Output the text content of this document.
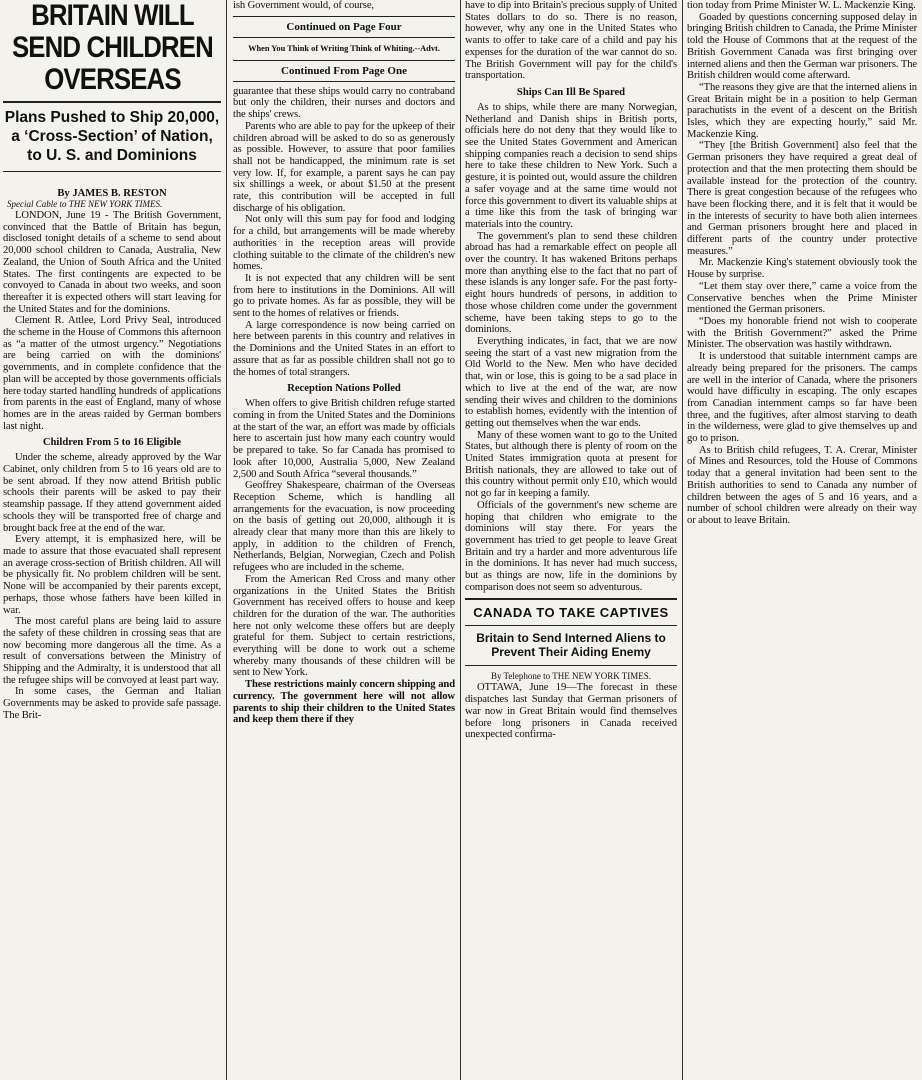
BRITAIN WILL SEND CHILDREN OVERSEAS
Plans Pushed to Ship 20,000, a ‘Cross-Section’ of Nation, to U. S. and Dominions
By JAMES B. RESTON
Special Cable to THE NEW YORK TIMES.

LONDON, June 19 - The British Government, convinced that the Battle of Britain has begun, disclosed tonight details of a scheme to send about 20,000 school children to Canada, Australia, New Zealand, the Union of South Africa and the United States. The first contingents are expected to be convoyed to Canada in about two weeks, and soon thereafter it is expected others will start leaving for the United States and for the dominions.

Clement R. Attlee, Lord Privy Seal, introduced the scheme in the House of Commons this afternoon as “a matter of the utmost urgency.” Negotiations are being carried on with the dominions' governments, and in complete confidence that the plan will be accepted by those governments officials here today started handling hundreds of applications from parents in the east of England, many of whose homes are in the areas raided by German bombers last night.

Children From 5 to 16 Eligible

Under the scheme, already approved by the War Cabinet, only children from 5 to 16 years old are to be sent abroad. If they now attend British public schools their parents will be asked to pay their steamship passage. If they attend government aided schools they will be transported free of charge and brought back free at the end of the war.

Every attempt, it is emphasized here, will be made to assure that those evacuated shall represent an average cross-section of British children. All will be physically fit. No problem children will be sent. None will be accompanied by their parents except, perhaps, those whose fathers have been killed in war.

The most careful plans are being laid to assure the safety of these children in crossing seas that are now becoming more dangerous all the time. As a result of conversations between the Ministry of Shipping and the Admiralty, it is understood that all the refugee ships will be convoyed at least part way.

In some cases, the German and Italian Governments may be asked to provide safe passage. The Brit-

ish Government would, of course,

Continued on Page Four
When You Think of Writing Think of Whiting.--Advt.
Continued From Page One

guarantee that these ships would carry no contraband but only the children, their nurses and doctors and the ships' crews.

Parents who are able to pay for the upkeep of their children abroad will be asked to do so as generously as possible. However, to assure that poor families shall not be handicapped, the minimum rate is set very low. If, for example, a parent says he can pay six shillings a week, or about $1.50 at the present rate, this contribution will be accepted in full discharge of his obligation.

Not only will this sum pay for food and lodging for a child, but arrangements will be made whereby authorities in the reception areas will provide clothing suitable to the climate of the children's new homes.

It is not expected that any children will be sent from here to institutions in the Dominions. All will go to private homes. As far as possible, they will be sent to the homes of relatives or friends.

A large correspondence is now being carried on here between parents in this country and relatives in the Dominions and the United States in an effort to assure that as far as possible children shall not go to the homes of total strangers.

Reception Nations Polled

When offers to give British children refuge started coming in from the United States and the Dominions at the start of the war, an effort was made by officials here to ascertain just how many each country would be prepared to take. So far Canada has promised to look after 10,000, Australia 5,000, New Zealand 2,500 and South Africa “several thousands.”

Geoffrey Shakespeare, chairman of the Overseas Reception Scheme, which is handling all arrangements for the evacuation, is now proceeding on the basis of getting out 20,000, although it is already clear that many more than this are likely to apply, in addition to the children of French, Netherlands, Belgian, Norwegian, Czech and Polish refugees who are included in the scheme.

From the American Red Cross and many other organizations in the United States the British Government has received offers to house and keep children for the duration of the war. The authorities here not only welcome these offers but are deeply grateful for them. Subject to certain restrictions, everything will be done to work out a scheme whereby many thousands of these children will be sent to New York.

These restrictions mainly concern shipping and currency. The government here will not allow parents to ship their children to the United States and keep them there if they

have to dip into Britain's precious supply of United States dollars to do so. There is no reason, however, why any one in the United States who wants to offer to take care of a child and pay his expenses for the duration of the war cannot do so. The British Government will pay for the child's transportation.

Ships Can Ill Be Spared

As to ships, while there are many Norwegian, Netherland and Danish ships in British ports, officials here do not deny that they would like to see the United States Government and American shipping companies reach a decision to send ships here to take these children to New York. Such a gesture, it is pointed out, would assure the children a safer voyage and at the same time would not force this government to divert its valuable ships at a time like this from the task of bringing war materials into the country.

The government's plan to send these children abroad has had a remarkable effect on people all over the country. It has wakened Britons perhaps more than anything else to the fact that no part of these islands is any longer safe. For the past forty-eight hours hundreds of persons, in addition to those whose children come under the government scheme, have been taking steps to go to the dominions.

Everything indicates, in fact, that we are now seeing the start of a vast new migration from the Old World to the New. Men who have decided that, win or lose, this is going to be a sad place in which to live at the end of the war, are now sending their wives and children to the dominions to establish homes, evidently with the intention of getting out themselves when the war ends.

Many of these women want to go to the United States, but although there is plenty of room on the United States immigration quota at present for British nationals, they are allowed to take out of this country without permit only £10, which would not go far in keeping a family.

Officials of the government's new scheme are hoping that children who emigrate to the dominions will stay there. For years the government has tried to get people to leave Great Britain and try a harder and more adventurous life in the dominions. It has never had much success, but as things are now, life in the dominions by comparison does not seem so adventurous.

CANADA TO TAKE CAPTIVES
Britain to Send Interned Aliens to Prevent Their Aiding Enemy
By Telephone to THE NEW YORK TIMES.

OTTAWA, June 19—The forecast in these dispatches last Sunday that German prisoners of war now in Great Britain would find themselves before long prisoners in Canada received unexpected confirma-

tion today from Prime Minister W. L. Mackenzie King.

Goaded by questions concerning supposed delay in bringing British children to Canada, the Prime Minister told the House of Commons that at the request of the British Government Canada was first bringing over interned aliens and then the German war prisoners. The British children would come afterward.

“The reasons they give are that the interned aliens in Great Britain might be in a position to help German parachutists in the event of a descent on the British Isles, which they are expecting hourly,” said Mr. Mackenzie King.

“They [the British Government] also feel that the German prisoners they have required a great deal of protection and that the men protecting them should be available instead for the protection of the country. There is great congestion because of the refugees who have been flocking there, and it is felt that it would be in the interests of security to have both alien internees and German prisoners brought here and placed in different parts of the country under protective measures.”

Mr. Mackenzie King's statement obviously took the House by surprise.

“Let them stay over there,” came a voice from the Conservative benches when the Prime Minister mentioned the German prisoners.

“Does my honorable friend not wish to cooperate with the British Government?” asked the Prime Minister. The observation was hastily withdrawn.

It is understood that suitable internment camps are already being prepared for the prisoners. The camps are well in the interior of Canada, where the prisoners would have difficulty in escaping. The only escapes from Canadian internment camps so far have been three, and the fugitives, after almost starving to death in the wilderness, were glad to give themselves up and go to prison.

As to British child refugees, T. A. Crerar, Minister of Mines and Resources, told the House of Commons today that a general invitation had been sent to the British authorities to send to Canada any number of children between the ages of 5 and 16 years, and a number of school children were already on their way or about to leave Britain.
